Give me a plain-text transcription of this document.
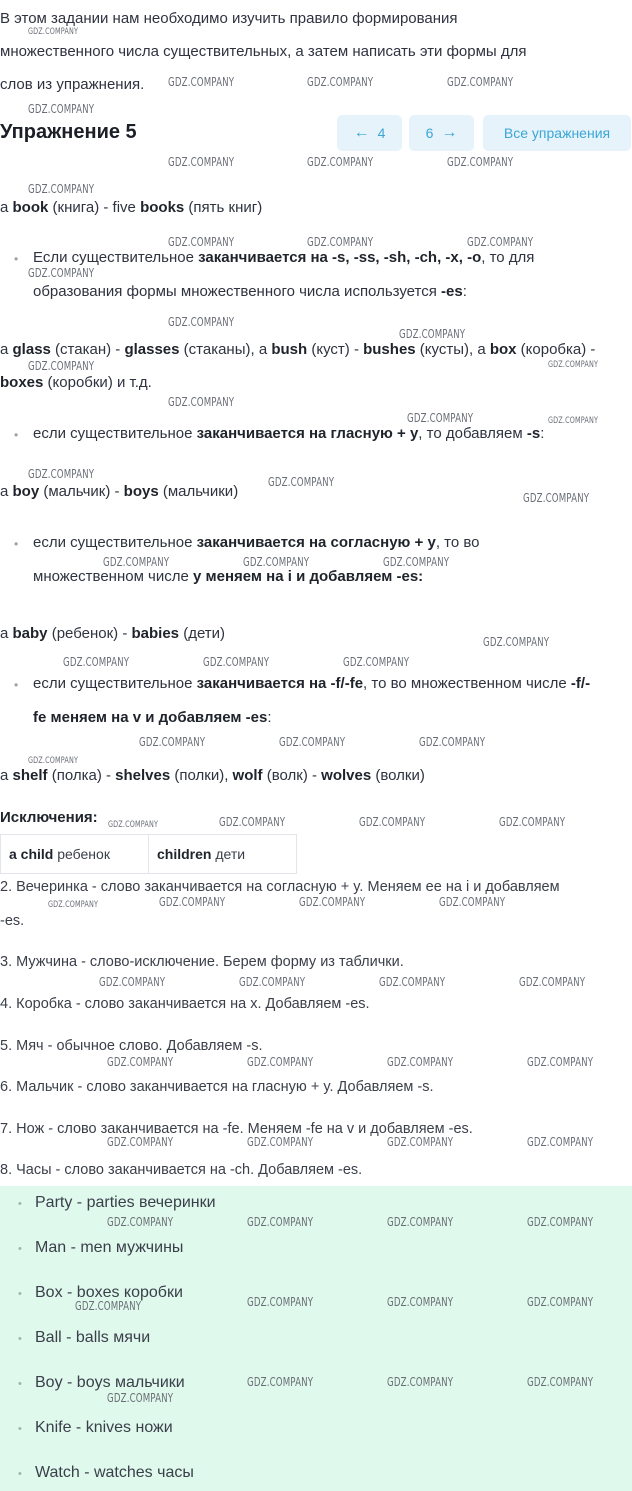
В этом задании нам необходимо изучить правило формирования

множественного числа существительных, а затем написать эти формы для

слов из упражнения.

Упражнение 5	← 4	6 →	Все упражнения

a book (книга) - five books (пять книг)

• Если существительное заканчивается на -s, -ss, -sh, -ch, -x, -o, то для образования формы множественного числа используется -es:

a glass (стакан) - glasses (стаканы), a bush (куст) - bushes (кусты), a box (коробка) - boxes (коробки) и т.д.

• если существительное заканчивается на гласную + y, то добавляем -s:

a boy (мальчик) - boys (мальчики)

• если существительное заканчивается на согласную + y, то во множественном числе y меняем на i и добавляем -es:

a baby (ребенок) - babies (дети)

• если существительное заканчивается на -f/-fe, то во множественном числе -f/-fe меняем на v и добавляем -es:

a shelf (полка) - shelves (полки), wolf (волк) - wolves (волки)

Исключения:

a child ребенок	children дети

2. Вечеринка - слово заканчивается на согласную + y. Меняем ее на i и добавляем -es.

3. Мужчина - слово-исключение. Берем форму из таблички.

4. Коробка - слово заканчивается на x. Добавляем -es.

5. Мяч - обычное слово. Добавляем -s.

6. Мальчик - слово заканчивается на гласную + y. Добавляем -s.

7. Нож - слово заканчивается на -fe. Меняем -fe на v и добавляем -es.

8. Часы - слово заканчивается на -ch. Добавляем -es.

• Party - parties вечеринки
• Man - men мужчины
• Box - boxes коробки
• Ball - balls мячи
• Boy - boys мальчики
• Knife - knives ножи
• Watch - watches часы
GDZ.COMPANY
GDZ.COMPANY	GDZ.COMPANY	GDZ.COMPANY
GDZ.COMPANY
GDZ.COMPANY	GDZ.COMPANY	GDZ.COMPANY
GDZ.COMPANY
GDZ.COMPANY	GDZ.COMPANY	GDZ.COMPANY
GDZ.COMPANY
GDZ.COMPANY
GDZ.COMPANY
GDZ.COMPANY	GDZ.COMPANY
GDZ.COMPANY
GDZ.COMPANY	GDZ.COMPANY
GDZ.COMPANY
GDZ.COMPANY
GDZ.COMPANY
GDZ.COMPANY	GDZ.COMPANY	GDZ.COMPANY
GDZ.COMPANY
GDZ.COMPANY	GDZ.COMPANY	GDZ.COMPANY
GDZ.COMPANY	GDZ.COMPANY	GDZ.COMPANY
GDZ.COMPANY
GDZ.COMPANY	GDZ.COMPANY	GDZ.COMPANY	GDZ.COMPANY
GDZ.COMPANY	GDZ.COMPANY	GDZ.COMPANY	GDZ.COMPANY
GDZ.COMPANY	GDZ.COMPANY	GDZ.COMPANY	GDZ.COMPANY
GDZ.COMPANY	GDZ.COMPANY	GDZ.COMPANY	GDZ.COMPANY
GDZ.COMPANY	GDZ.COMPANY	GDZ.COMPANY	GDZ.COMPANY
GDZ.COMPANY	GDZ.COMPANY	GDZ.COMPANY	GDZ.COMPANY
GDZ.COMPANY	GDZ.COMPANY	GDZ.COMPANY	GDZ.COMPANY
GDZ.COMPANY	GDZ.COMPANY	GDZ.COMPANY
GDZ.COMPANY
